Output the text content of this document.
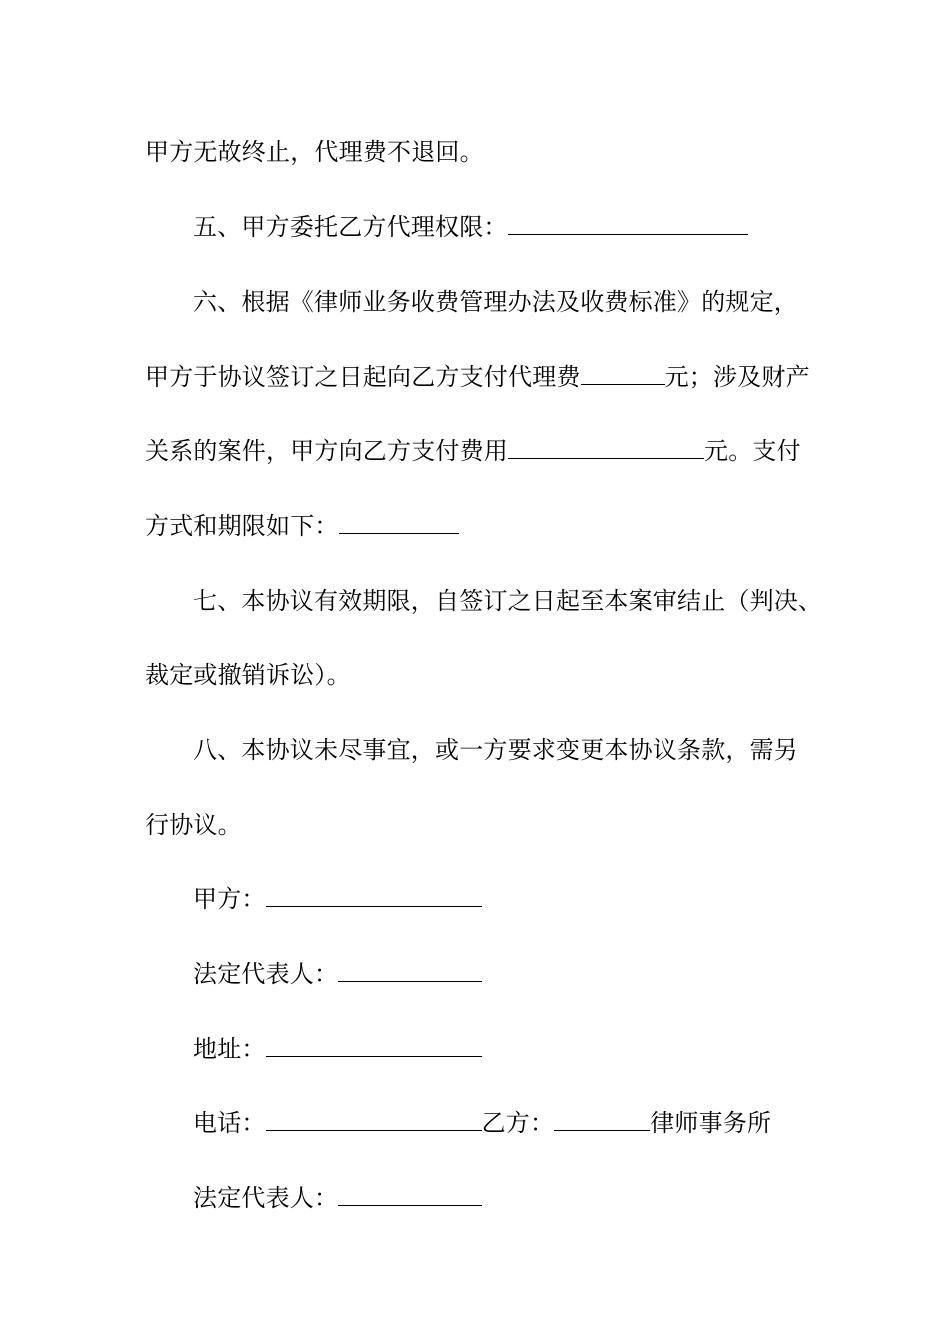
甲方无故终止，代理费不退回。
五、甲方委托乙方代理权限：
六、根据《律师业务收费管理办法及收费标准》的规定，
甲方于协议签订之日起向乙方支付代理费	元；涉及财产
关系的案件，甲方向乙方支付费用	元。支付
方式和期限如下：
七、本协议有效期限，自签订之日起至本案审结止（判决、
裁定或撤销诉讼）。
八、本协议未尽事宜，或一方要求变更本协议条款，需另
行协议。
甲方：
法定代表人：
地址：
电话：	乙方：	律师事务所
法定代表人：
